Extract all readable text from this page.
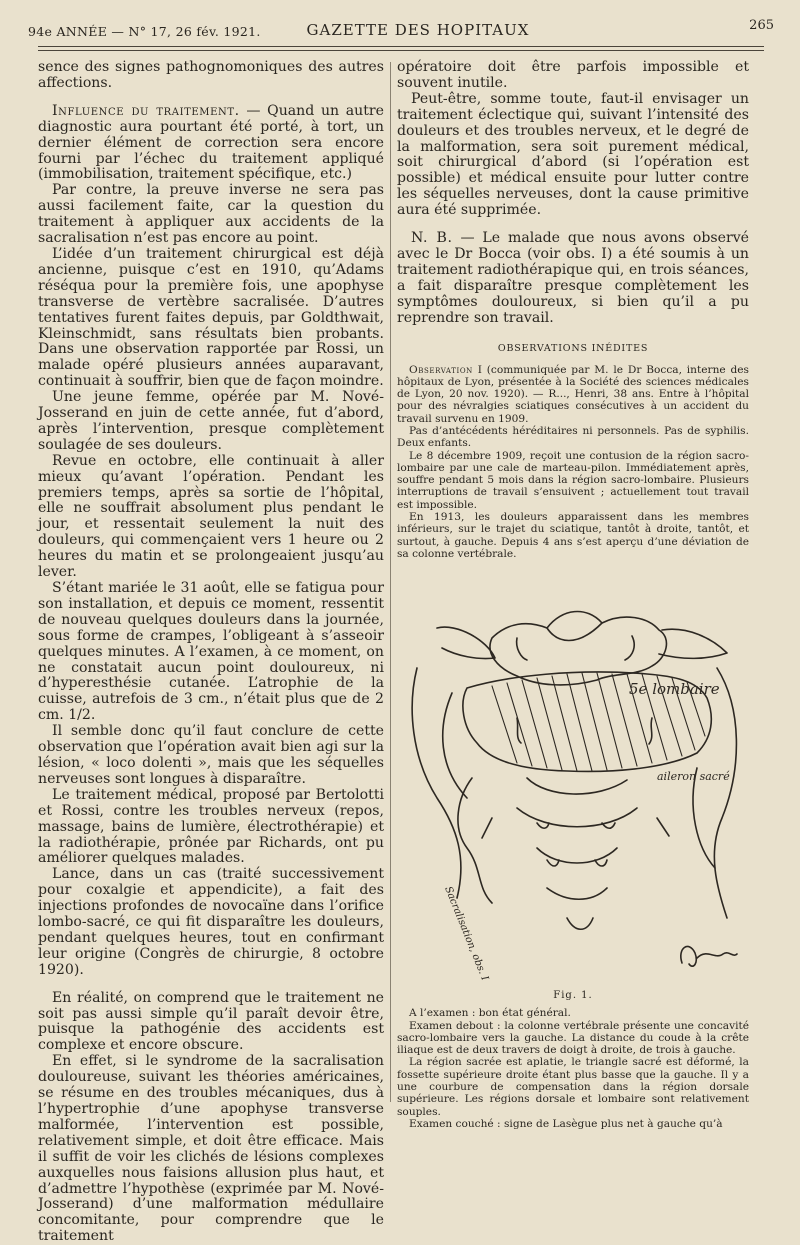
94e ANNÉE — N° 17, 26 fév. 1921.	GAZETTE DES HOPITAUX	265

sence des signes pathognomoniques des autres affections.

Influence du traitement. — Quand un autre diagnostic aura pourtant été porté, à tort, un dernier élément de correction sera encore fourni par l’échec du traitement appliqué (immobilisation, traitement spécifique, etc.)

Par contre, la preuve inverse ne sera pas aussi facilement faite, car la question du traitement à appliquer aux accidents de la sacralisation n’est pas encore au point.

L’idée d’un traitement chirurgical est déjà ancienne, puisque c’est en 1910, qu’Adams réséqua pour la première fois, une apophyse transverse de vertèbre sacralisée. D’autres tentatives furent faites depuis, par Goldthwait, Kleinschmidt, sans résultats bien probants. Dans une observation rapportée par Rossi, un malade opéré plusieurs années auparavant, continuait à souffrir, bien que de façon moindre.

Une jeune femme, opérée par M. Nové-Josserand en juin de cette année, fut d’abord, après l’intervention, presque complètement soulagée de ses douleurs.

Revue en octobre, elle continuait à aller mieux qu’avant l’opération. Pendant les premiers temps, après sa sortie de l’hôpital, elle ne souffrait absolument plus pendant le jour, et ressentait seulement la nuit des douleurs, qui commençaient vers 1 heure ou 2 heures du matin et se prolongeaient jusqu’au lever.

S’étant mariée le 31 août, elle se fatigua pour son installation, et depuis ce moment, ressentit de nouveau quelques douleurs dans la journée, sous forme de crampes, l’obligeant à s’asseoir quelques minutes. A l’examen, à ce moment, on ne constatait aucun point douloureux, ni d’hyperesthésie cutanée. L’atrophie de la cuisse, autrefois de 3 cm., n’était plus que de 2 cm. 1/2.

Il semble donc qu’il faut conclure de cette observation que l’opération avait bien agi sur la lésion, « loco dolenti », mais que les séquelles nerveuses sont longues à disparaître.

Le traitement médical, proposé par Bertolotti et Rossi, contre les troubles nerveux (repos, massage, bains de lumière, électrothérapie) et la radiothérapie, prônée par Richards, ont pu améliorer quelques malades.

Lance, dans un cas (traité successivement pour coxalgie et appendicite), a fait des injections profondes de novocaïne dans l’orifice lombo-sacré, ce qui fit disparaître les douleurs, pendant quelques heures, tout en confirmant leur origine (Congrès de chirurgie, 8 octobre 1920).

En réalité, on comprend que le traitement ne soit pas aussi simple qu’il paraît devoir être, puisque la pathogénie des accidents est complexe et encore obscure.

En effet, si le syndrome de la sacralisation douloureuse, suivant les théories américaines, se résume en des troubles mécaniques, dus à l’hypertrophie d’une apophyse transverse malformée, l’intervention est possible, relativement simple, et doit être efficace. Mais il suffit de voir les clichés de lésions complexes auxquelles nous faisions allusion plus haut, et d’admettre l’hypothèse (exprimée par M. Nové-Josserand) d’une malformation médullaire concomitante, pour comprendre que le traitement

opératoire doit être parfois impossible et souvent inutile.

Peut-être, somme toute, faut-il envisager un traitement éclectique qui, suivant l’intensité des douleurs et des troubles nerveux, et le degré de la malformation, sera soit purement médical, soit chirurgical d’abord (si l’opération est possible) et médical ensuite pour lutter contre les séquelles nerveuses, dont la cause primitive aura été supprimée.

N. B. — Le malade que nous avons observé avec le Dr Bocca (voir obs. I) a été soumis à un traitement radiothérapique qui, en trois séances, a fait disparaître presque complètement les symptômes douloureux, si bien qu’il a pu reprendre son travail.

OBSERVATIONS INÉDITES

Observation I (communiquée par M. le Dr Bocca, interne des hôpitaux de Lyon, présentée à la Société des sciences médicales de Lyon, 20 nov. 1920). — R..., Henri, 38 ans. Entre à l’hôpital pour des névralgies sciatiques consécutives à un accident du travail survenu en 1909.

Pas d’antécédents héréditaires ni personnels. Pas de syphilis. Deux enfants.

Le 8 décembre 1909, reçoit une contusion de la région sacro-lombaire par une cale de marteau-pilon. Immédiatement après, souffre pendant 5 mois dans la région sacro-lombaire. Plusieurs interruptions de travail s’ensuivent ; actuellement tout travail est impossible.

En 1913, les douleurs apparaissent dans les membres inférieurs, sur le trajet du sciatique, tantôt à droite, tantôt, et surtout, à gauche. Depuis 4 ans s’est aperçu d’une déviation de sa colonne vertébrale.

5e lombaire
aileron sacré
Sacralisation, obs. I
Fig. 1.

A l’examen : bon état général.

Examen debout : la colonne vertébrale présente une concavité sacro-lombaire vers la gauche. La distance du coude à la crête iliaque est de deux travers de doigt à droite, de trois à gauche.

La région sacrée est aplatie, le triangle sacré est déformé, la fossette supérieure droite étant plus basse que la gauche. Il y a une courbure de compensation dans la région dorsale supérieure. Les régions dorsale et lombaire sont relativement souples.

Examen couché : signe de Lasègue plus net à gauche qu’à
